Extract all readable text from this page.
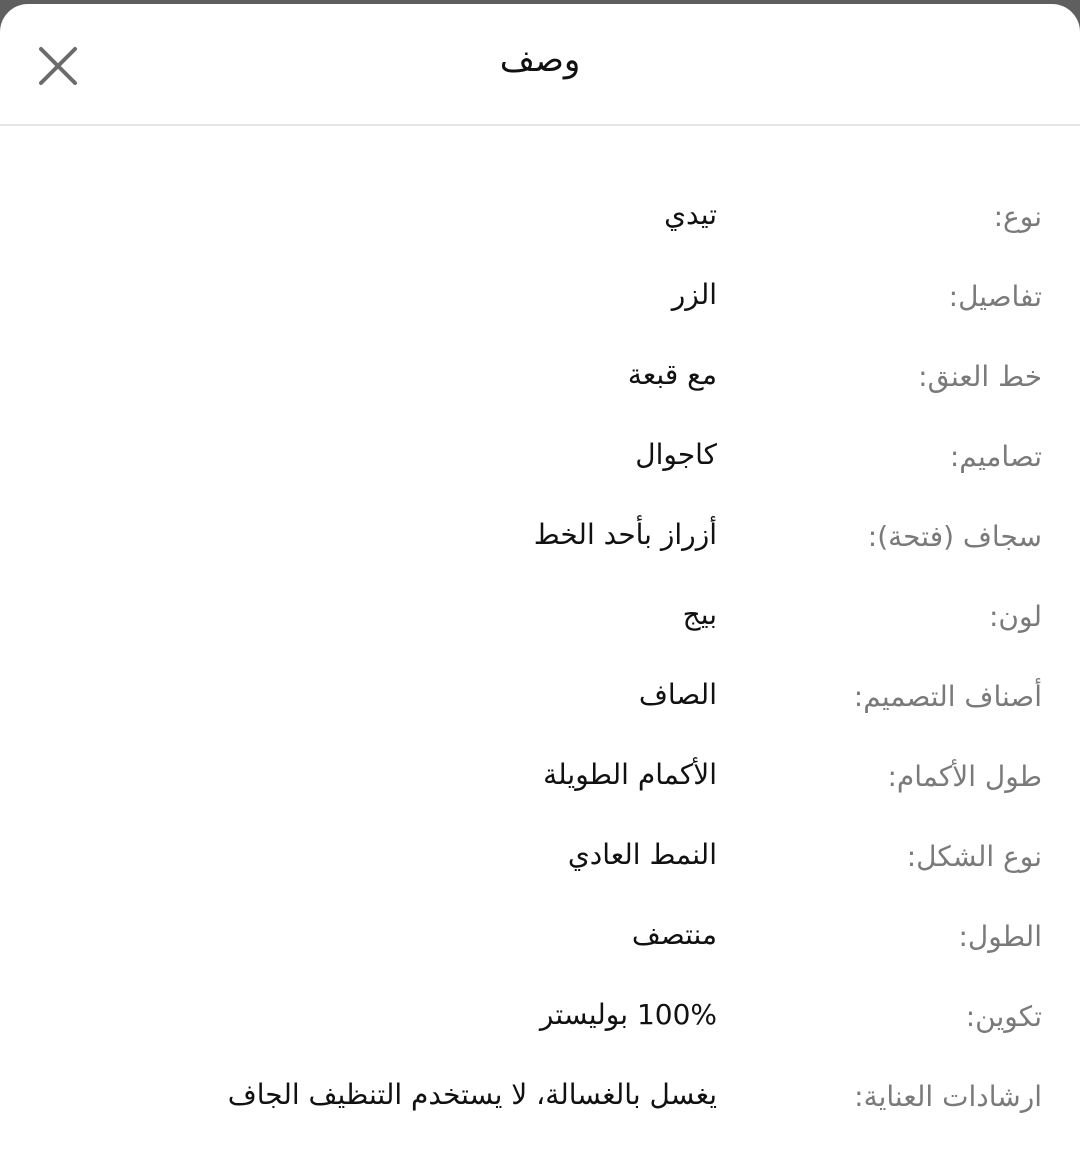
وصف
نوع:
تيدي
تفاصيل:
الزر
خط العنق:
مع قبعة
تصاميم:
كاجوال
سجاف (فتحة):
أزراز بأحد الخط
لون:
بيج
أصناف التصميم:
الصاف
طول الأكمام:
الأكمام الطويلة
نوع الشكل:
النمط العادي
الطول:
منتصف
تكوين:
100% بوليستر
ارشادات العناية:
يغسل بالغسالة، لا يستخدم التنظيف الجاف
